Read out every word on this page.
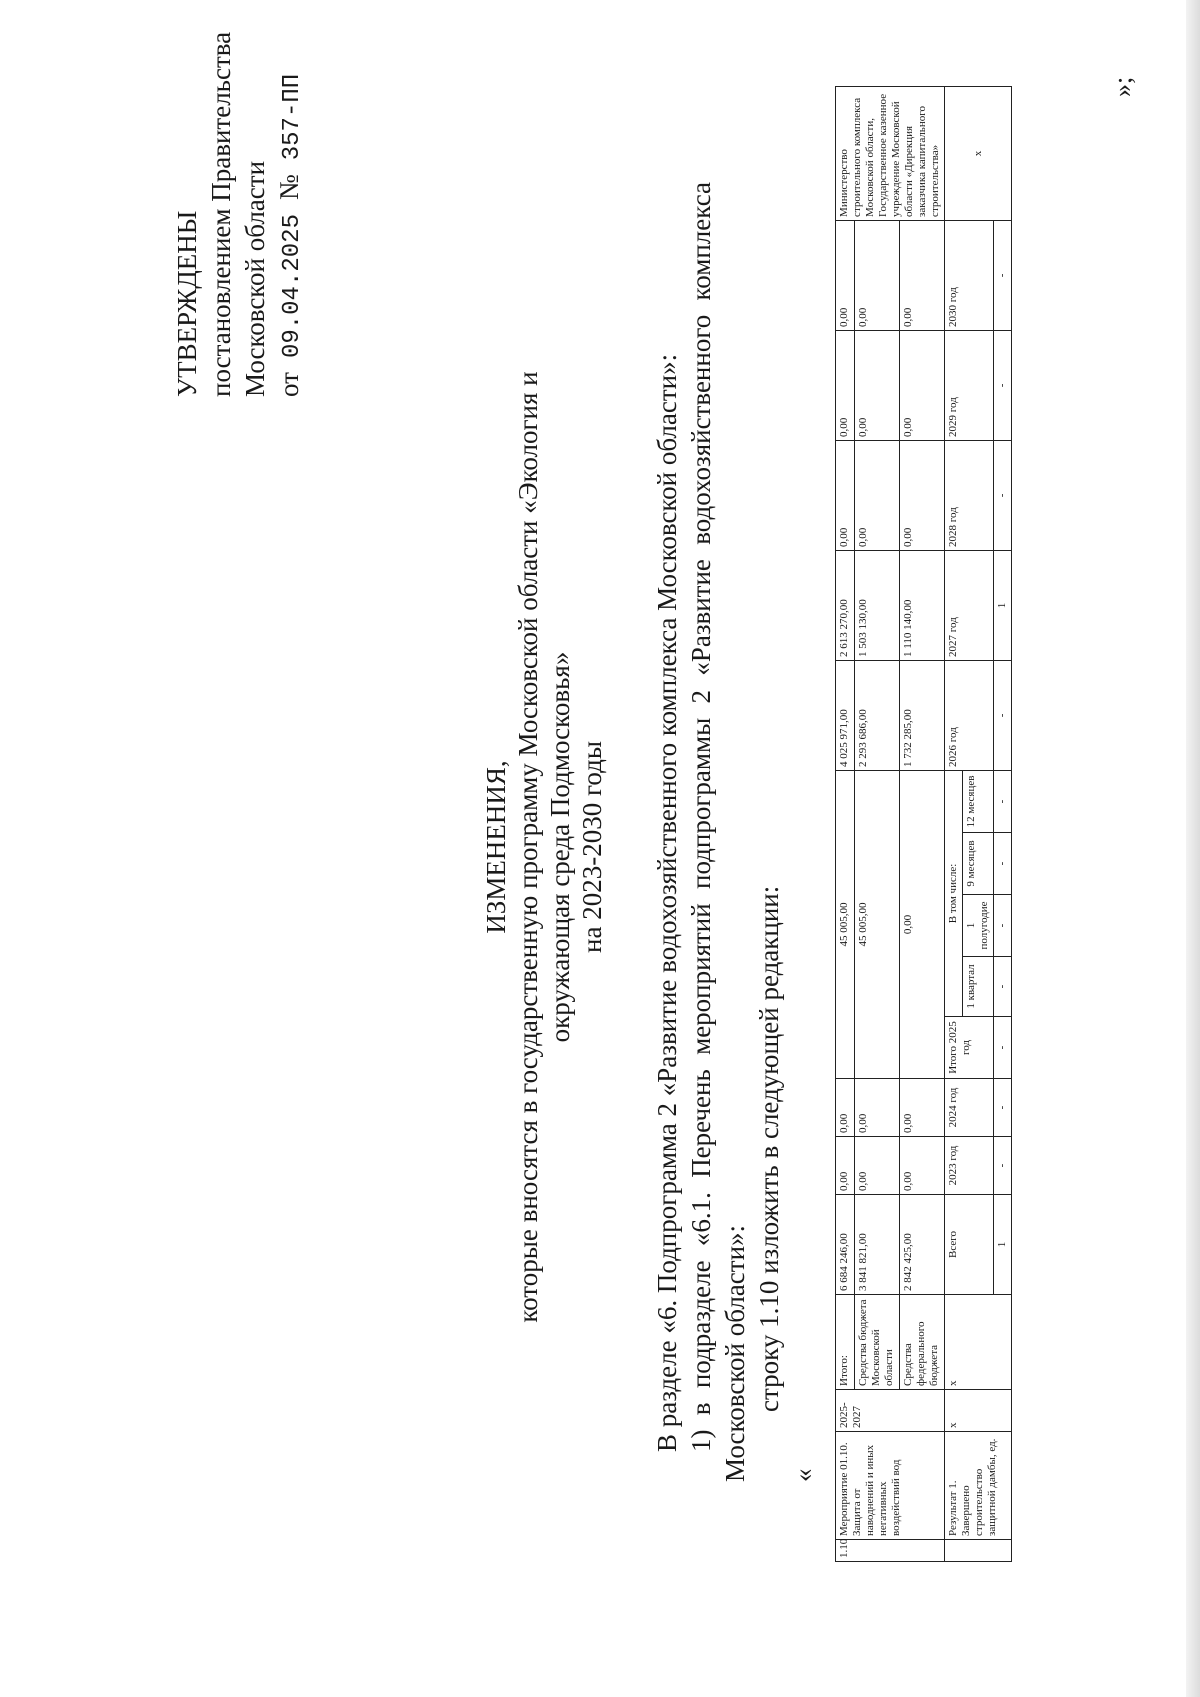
УТВЕРЖДЕНЫ постановлением Правительства Московской области от09.04.2025№357-ПП
ИЗМЕНЕНИЯ, которые вносятся в государственную программу Московской области «Экология и окружающая среда Подмосковья» на 2023-2030 годы В разделе «6. Подпрограмма 2 «Развитие водохозяйственного комплекса Московской области»: 1) в подразделе «6.1. Перечень мероприятий подпрограммы 2 «Развитие водохозяйственного комплекса Московской области»: строку 1.10 изложить в следующей редакции:

«

1.10	Мероприятие 01.10. Защита от наводнений и иных негативных воздействий вод	2025-2027	Итого:	6 684 246,00	0,00	0,00	45 005,00					4 025 971,00	2 613 270,00	0,00	0,00	0,00	Министерство строительного комплекса Московской области, Государственное казенное учреждение Московской области «Дирекция заказчика капитального строительства»
			Средства бюджета Московской области	3 841 821,00	0,00	0,00	45 005,00					2 293 686,00	1 503 130,00	0,00	0,00	0,00	
			Средства федерального бюджета	2 842 425,00	0,00	0,00	0,00					1 732 285,00	1 110 140,00	0,00	0,00	0,00	
	Результат 1. Завершено строительство защитной дамбы, ед.	х	х	Всего	2023 год	2024 год	Итого 2025 год	В том числе:				2026 год	2027 год	2028 год	2029 год	2030 год	х
								1 квартал	1 полугодие	9 месяцев	12 месяцев						
				1	-	-	-	-	-	-	-	-	1	-	-	-	
»;
